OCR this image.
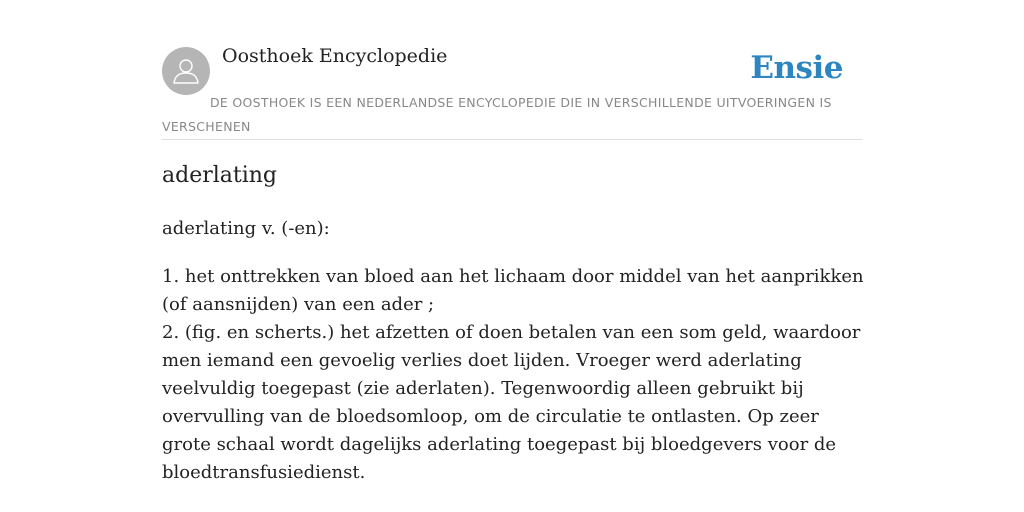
Oosthoek Encyclopedie	Ensie

DE OOSTHOEK IS EEN NEDERLANDSE ENCYCLOPEDIE DIE IN VERSCHILLENDE UITVOERINGEN IS VERSCHENEN

aderlating

aderlating v. (-en):

1. het onttrekken van bloed aan het lichaam door middel van het aanprikken (of aansnijden) van een ader ;

2. (fig. en scherts.) het afzetten of doen betalen van een som geld, waardoor men iemand een gevoelig verlies doet lijden. Vroeger werd aderlating veelvuldig toegepast (zie aderlaten). Tegenwoordig alleen gebruikt bij overvulling van de bloedsomloop, om de circulatie te ontlasten. Op zeer grote schaal wordt dagelijks aderlating toegepast bij bloedgevers voor de bloedtransfusiedienst.
